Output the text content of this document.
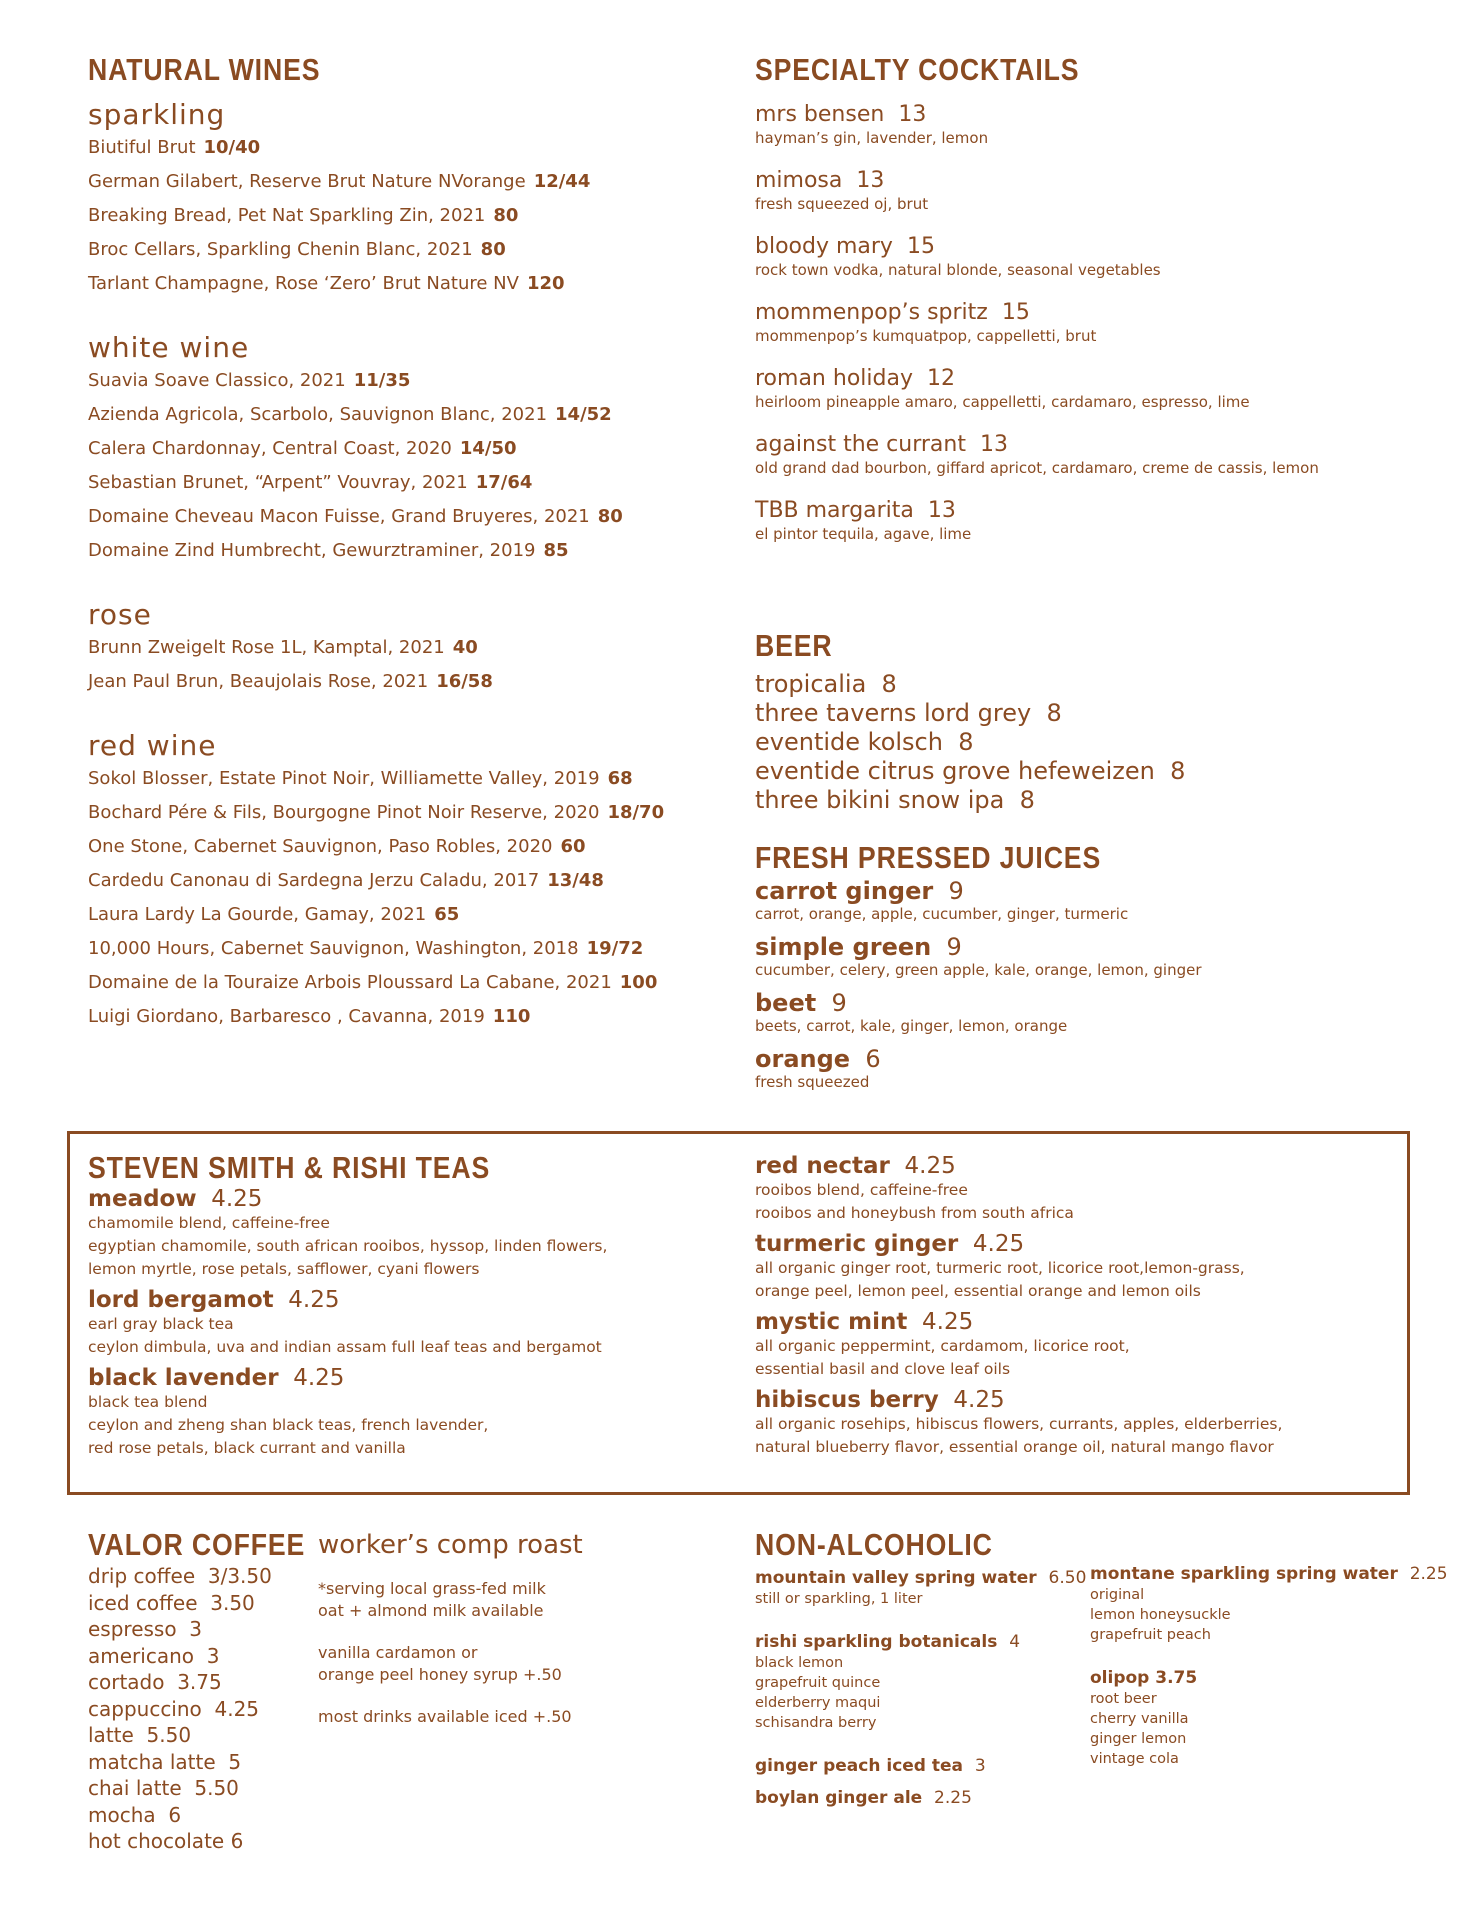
NATURAL WINES
sparkling
Biutiful Brut 10/40
German Gilabert, Reserve Brut Nature NVorange 12/44
Breaking Bread, Pet Nat Sparkling Zin, 2021 80
Broc Cellars, Sparkling Chenin Blanc, 2021 80
Tarlant Champagne, Rose ‘Zero’ Brut Nature NV 120
white wine
Suavia Soave Classico, 2021 11/35
Azienda Agricola, Scarbolo, Sauvignon Blanc, 2021 14/52
Calera Chardonnay, Central Coast, 2020 14/50
Sebastian Brunet, “Arpent” Vouvray, 2021 17/64
Domaine Cheveau Macon Fuisse, Grand Bruyeres, 2021 80
Domaine Zind Humbrecht, Gewurztraminer, 2019 85
rose
Brunn Zweigelt Rose 1L, Kamptal, 2021 40
Jean Paul Brun, Beaujolais Rose, 2021 16/58
red wine
Sokol Blosser, Estate Pinot Noir, Williamette Valley, 2019 68
Bochard Pére & Fils, Bourgogne Pinot Noir Reserve, 2020 18/70
One Stone, Cabernet Sauvignon, Paso Robles, 2020 60
Cardedu Canonau di Sardegna Jerzu Caladu, 2017 13/48
Laura Lardy La Gourde, Gamay, 2021 65
10,000 Hours, Cabernet Sauvignon, Washington, 2018 19/72
Domaine de la Touraize Arbois Ploussard La Cabane, 2021 100
Luigi Giordano, Barbaresco , Cavanna, 2019 110
SPECIALTY COCKTAILS
mrs bensen 13
hayman’s gin, lavender, lemon
mimosa 13
fresh squeezed oj, brut
bloody mary 15
rock town vodka, natural blonde, seasonal vegetables
mommenpop’s spritz 15
mommenpop’s kumquatpop, cappelletti, brut
roman holiday 12
heirloom pineapple amaro, cappelletti, cardamaro, espresso, lime
against the currant 13
old grand dad bourbon, giffard apricot, cardamaro, creme de cassis, lemon
TBB margarita 13
el pintor tequila, agave, lime
BEER
tropicalia  8
three taverns lord grey  8
eventide kolsch  8
eventide citrus grove hefeweizen  8
three bikini snow ipa  8
FRESH PRESSED JUICES
carrot ginger 9
carrot, orange, apple, cucumber, ginger, turmeric
simple green 9
cucumber, celery, green apple, kale, orange, lemon, ginger
beet 9
beets, carrot, kale, ginger, lemon, orange
orange 6
fresh squeezed
STEVEN SMITH & RISHI TEAS
meadow 4.25
chamomile blend, caffeine-free
egyptian chamomile, south african rooibos, hyssop, linden flowers,
lemon myrtle, rose petals, safflower, cyani flowers
lord bergamot 4.25
earl gray black tea
ceylon dimbula, uva and indian assam full leaf teas and bergamot
black lavender 4.25
black tea blend
ceylon and zheng shan black teas, french lavender,
red rose petals, black currant and vanilla
red nectar 4.25
rooibos blend, caffeine-free
rooibos and honeybush from south africa
turmeric ginger 4.25
all organic ginger root, turmeric root, licorice root,lemon-grass,
orange peel, lemon peel, essential orange and lemon oils
mystic mint 4.25
all organic peppermint, cardamom, licorice root,
essential basil and clove leaf oils
hibiscus berry 4.25
all organic rosehips, hibiscus flowers, currants, apples, elderberries,
natural blueberry flavor, essential orange oil, natural mango flavor
VALOR COFFEE
drip coffee  3/3.50
iced coffee  3.50
espresso  3
americano  3
cortado  3.75
cappuccino  4.25
latte  5.50
matcha latte  5
chai latte  5.50
mocha  6
hot chocolate 6
worker’s comp roast
*serving local grass-fed milk
oat + almond milk available
vanilla cardamon or
orange peel honey syrup +.50
most drinks available iced +.50
NON-ALCOHOLIC
mountain valley spring water 6.50
still or sparkling, 1 liter
rishi sparkling botanicals 4
black lemon
grapefruit quince
elderberry maqui
schisandra berry
ginger peach iced tea 3
boylan ginger ale 2.25
montane sparkling spring water 2.25
original
lemon honeysuckle
grapefruit peach
olipop 3.75
root beer
cherry vanilla
ginger lemon
vintage cola
